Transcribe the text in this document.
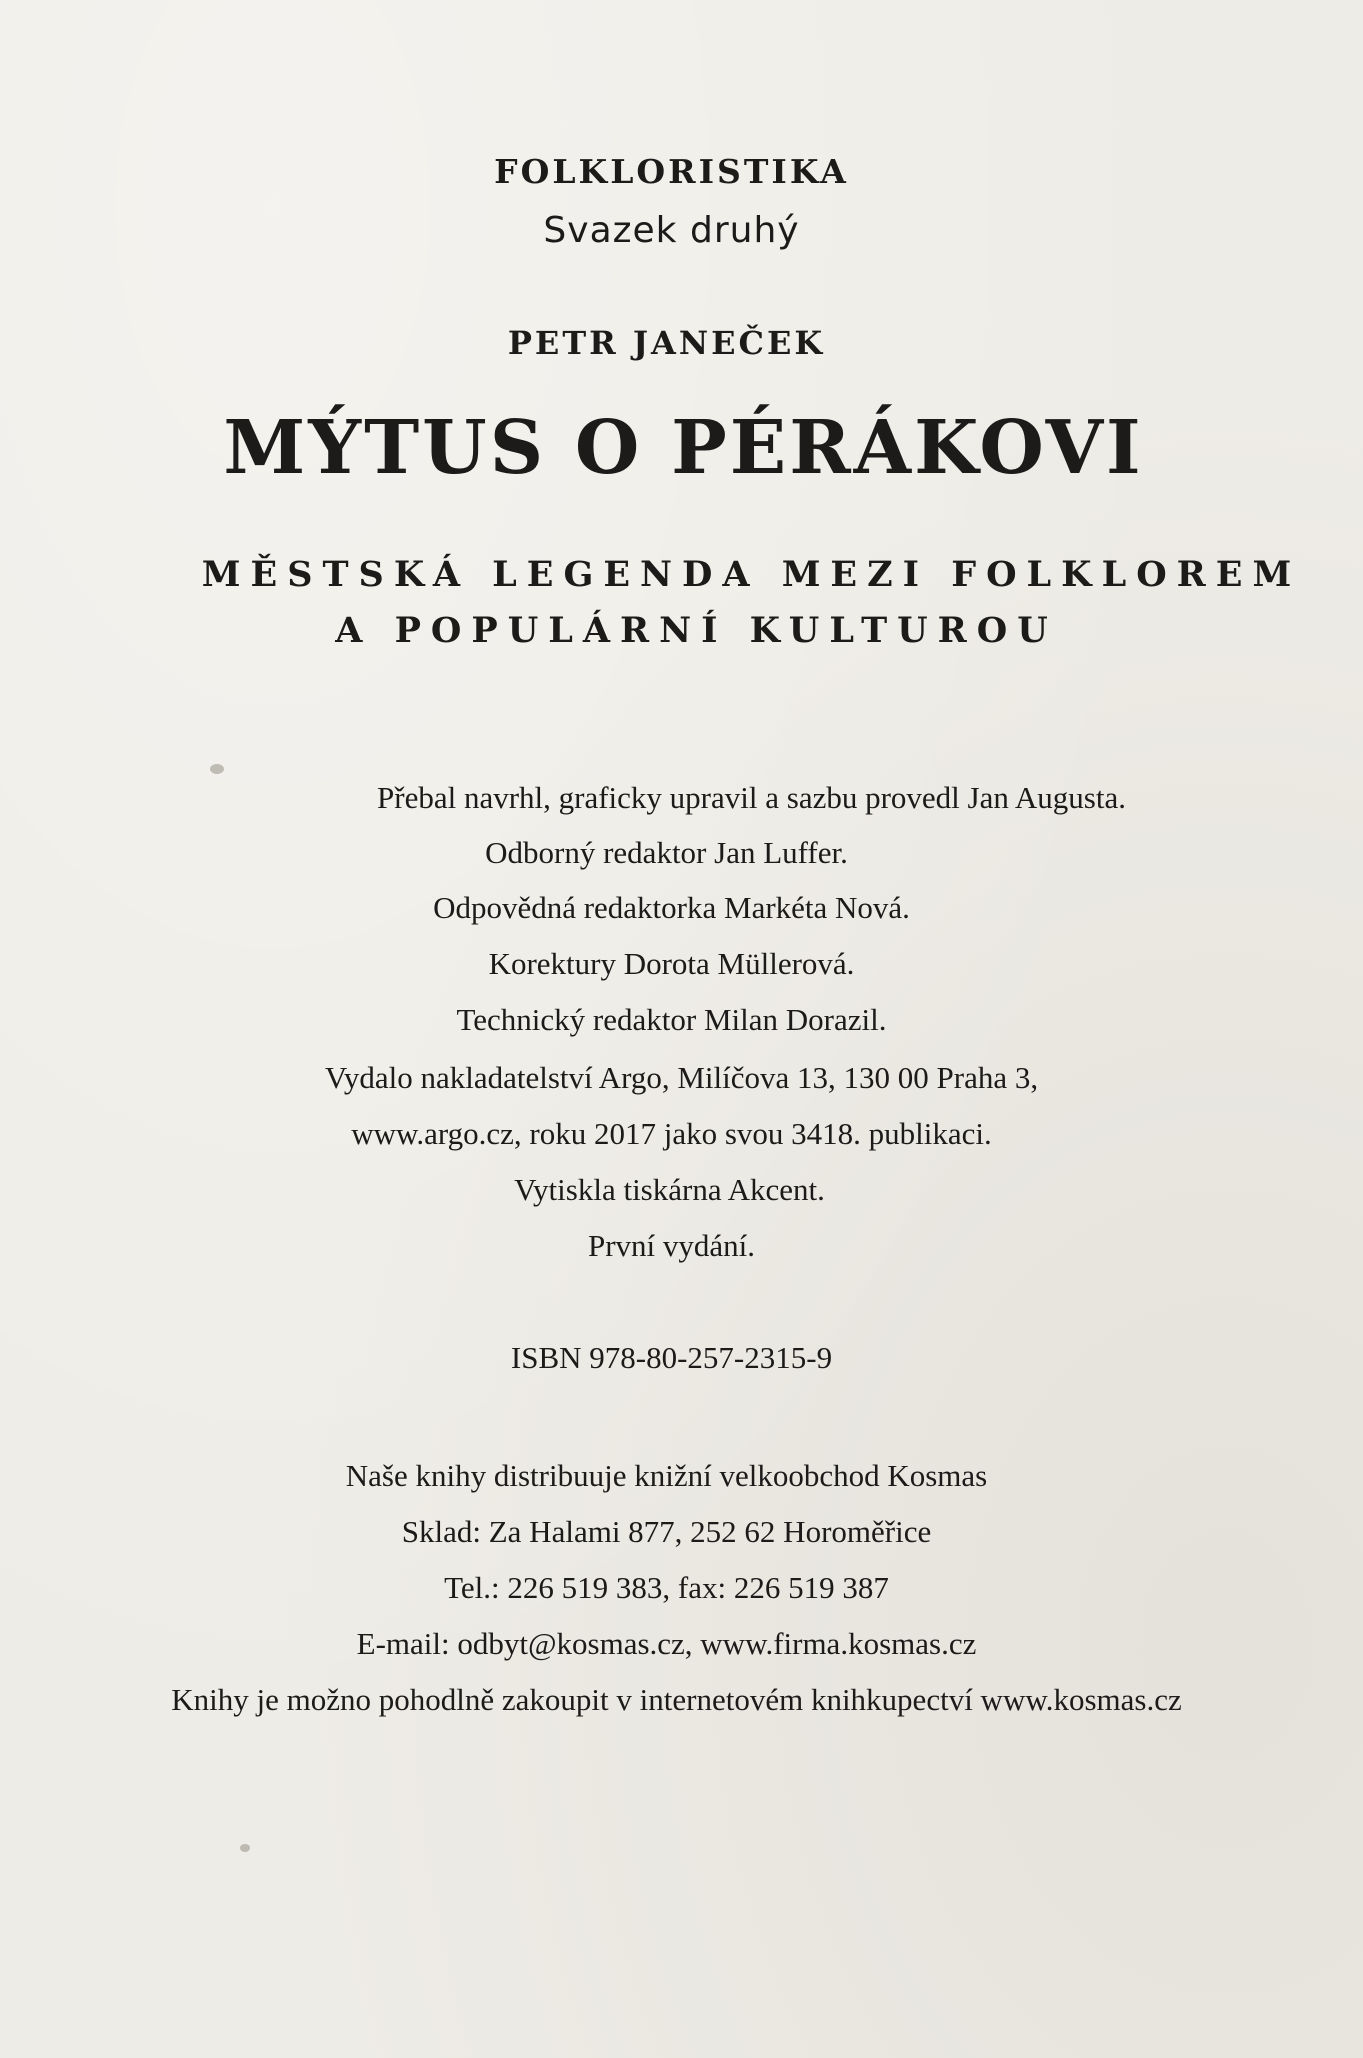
FOLKLORISTIKA
Svazek druhý
PETR JANEČEK
MÝTUS O PÉRÁKOVI
MĚSTSKÁ LEGENDA MEZI FOLKLOREM
A POPULÁRNÍ KULTUROU
Přebal navrhl, graficky upravil a sazbu provedl Jan Augusta.
Odborný redaktor Jan Luffer.
Odpovědná redaktorka Markéta Nová.
Korektury Dorota Müllerová.
Technický redaktor Milan Dorazil.
Vydalo nakladatelství Argo, Milíčova 13, 130 00 Praha 3,
www.argo.cz, roku 2017 jako svou 3418. publikaci.
Vytiskla tiskárna Akcent.
První vydání.
ISBN 978-80-257-2315-9
Naše knihy distribuuje knižní velkoobchod Kosmas
Sklad: Za Halami 877, 252 62 Horoměřice
Tel.: 226 519 383, fax: 226 519 387
E-mail: odbyt@kosmas.cz, www.firma.kosmas.cz
Knihy je možno pohodlně zakoupit v internetovém knihkupectví www.kosmas.cz
